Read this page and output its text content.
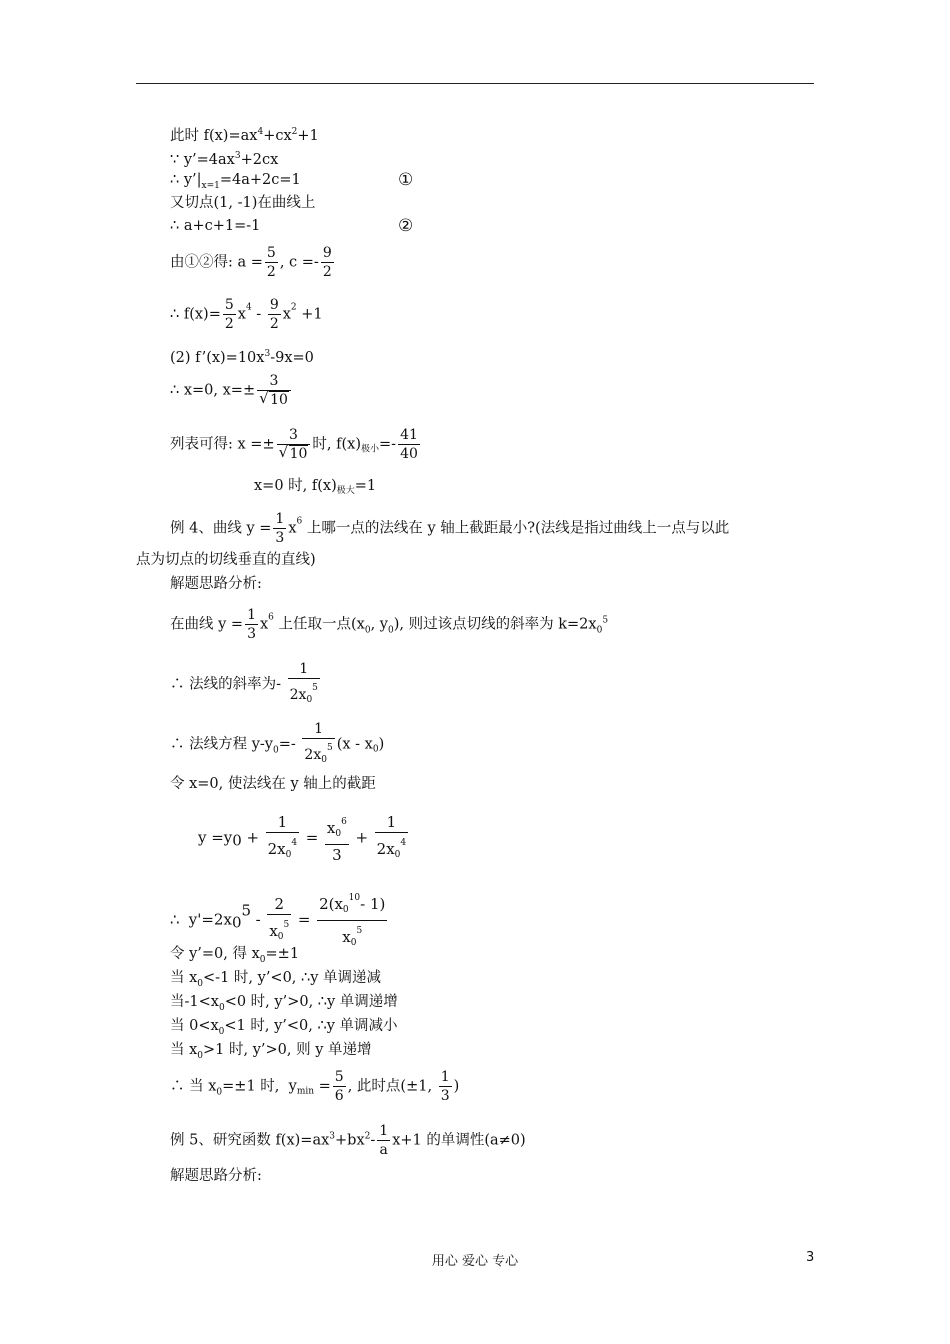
此时 $f(x)=ax^4+cx^2+1$
∵ $y’=4ax^3+2cx$
∴ $y’|_{x=1}=4a+2c=1$	①
又切点(1, -1)在曲线上
∴ a+c+1=-1	②
由①②得: $a = \frac{5}{2}$ , $c =- \frac{9}{2}$
∴ $f(x)= \frac{5}{2} x^4 - \frac{9}{2} x^2 +1$
(2) $f’(x)=10x^3-9x=0$
∴ x=0, $x=\pm \frac{3}{√ 10}$
列表可得: $x =\pm \frac{3}{√ 10}$ 时, $f(x)_{极小}=- \frac{41}{40}$
x=0 时, $f(x)_{极大}=1$
例 4、曲线 $y = \frac{1}{3} x^6$ 上哪一点的法线在 y 轴上截距最小?(法线是指过曲线上一点与以此
点为切点的切线垂直的直线)
解题思路分析:
在曲线 $y = \frac{1}{3} x^6$ 上任取一点($x_0$, $y_0$), 则过该点切线的斜率为 $k=2x_0^5$
∴ 法线的斜率为- $\frac{1}{2x_0^5}$
∴ 法线方程 $y-y_0=- \frac{1}{2x_0^5} (x - x_0)$
令 x=0, 使法线在 y 轴上的截距
$y =y0 + \frac{1}{2x_0^4} = \frac{x_0^6}{3} + \frac{1}{2x_0^4}$
∴ $y'=2x05 - \frac{2}{x_0^5} = \frac{2(x_0^{10}- 1)}{x_0^5}$
令 y’=0, 得 $x_0=\pm 1$
当 $x_0<-1$ 时, y’<0, ∴y 单调递减
当$-1<x_0<0$ 时, y’>0, ∴y 单调递增
当 $0<x_0<1$ 时, y’<0, ∴y 单调减小
当 $x_0>1$ 时, y’>0, 则 y 单递增
∴ 当 $x_0=\pm 1$ 时, $y_{min} = \frac{5}{6}$ , 此时点(±1, $\frac{1}{3}$ )
例 5、研究函数 $f(x)=ax^3+bx^2- \frac{1}{a} x+1$ 的单调性(a≠0)
解题思路分析:
用心 爱心 专心	3
